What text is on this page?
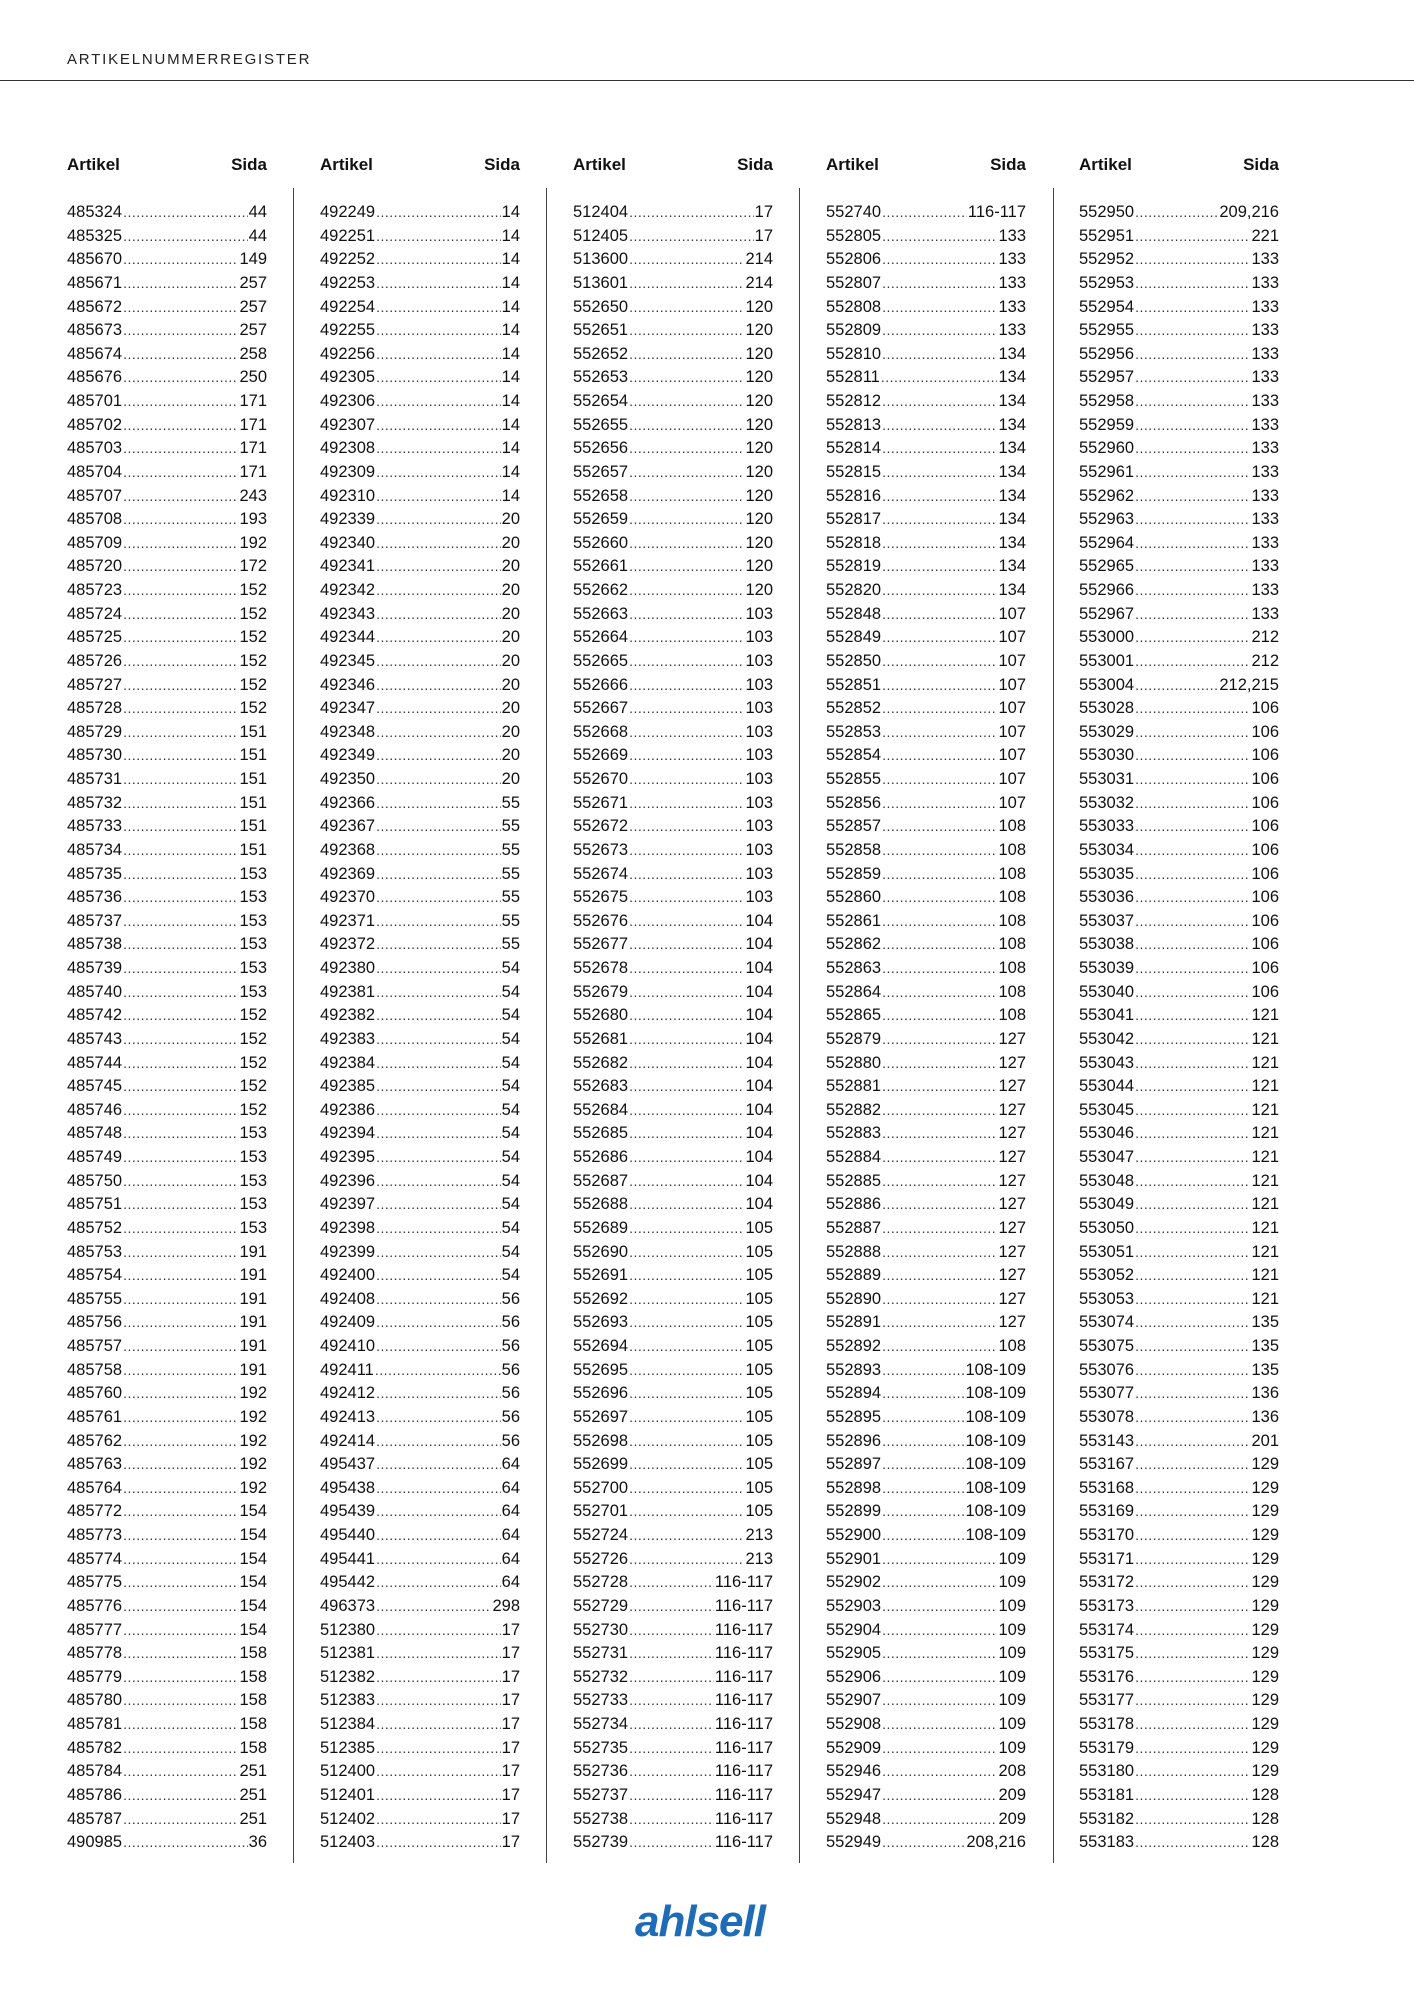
ARTIKELNUMMERREGISTER
Artikel	Sida
485324 .....	44
485325 .....	44
485670 .....	149
485671 .....	257
485672 .....	257
485673 .....	257
485674 .....	258
485676 .....	250
485701 .....	171
485702 .....	171
485703 .....	171
485704 .....	171
485707 .....	243
485708 .....	193
485709 .....	192
485720 .....	172
485723 .....	152
485724 .....	152
485725 .....	152
485726 .....	152
485727 .....	152
485728 .....	152
485729 .....	151
485730 .....	151
485731 .....	151
485732 .....	151
485733 .....	151
485734 .....	151
485735 .....	153
485736 .....	153
485737 .....	153
485738 .....	153
485739 .....	153
485740 .....	153
485742 .....	152
485743 .....	152
485744 .....	152
485745 .....	152
485746 .....	152
485748 .....	153
485749 .....	153
485750 .....	153
485751 .....	153
485752 .....	153
485753 .....	191
485754 .....	191
485755 .....	191
485756 .....	191
485757 .....	191
485758 .....	191
485760 .....	192
485761 .....	192
485762 .....	192
485763 .....	192
485764 .....	192
485772 .....	154
485773 .....	154
485774 .....	154
485775 .....	154
485776 .....	154
485777 .....	154
485778 .....	158
485779 .....	158
485780 .....	158
485781 .....	158
485782 .....	158
485784 .....	251
485786 .....	251
485787 .....	251
490985 .....	36
Artikel	Sida
492249 .....	14
492251 .....	14
492252 .....	14
492253 .....	14
492254 .....	14
492255 .....	14
492256 .....	14
492305 .....	14
492306 .....	14
492307 .....	14
492308 .....	14
492309 .....	14
492310 .....	14
492339 .....	20
492340 .....	20
492341 .....	20
492342 .....	20
492343 .....	20
492344 .....	20
492345 .....	20
492346 .....	20
492347 .....	20
492348 .....	20
492349 .....	20
492350 .....	20
492366 .....	55
492367 .....	55
492368 .....	55
492369 .....	55
492370 .....	55
492371 .....	55
492372 .....	55
492380 .....	54
492381 .....	54
492382 .....	54
492383 .....	54
492384 .....	54
492385 .....	54
492386 .....	54
492394 .....	54
492395 .....	54
492396 .....	54
492397 .....	54
492398 .....	54
492399 .....	54
492400 .....	54
492408 .....	56
492409 .....	56
492410 .....	56
492411 .....	56
492412 .....	56
492413 .....	56
492414 .....	56
495437 .....	64
495438 .....	64
495439 .....	64
495440 .....	64
495441 .....	64
495442 .....	64
496373 .....	298
512380 .....	17
512381 .....	17
512382 .....	17
512383 .....	17
512384 .....	17
512385 .....	17
512400 .....	17
512401 .....	17
512402 .....	17
512403 .....	17
Artikel	Sida
512404 .....	17
512405 .....	17
513600 .....	214
513601 .....	214
552650 .....	120
552651 .....	120
552652 .....	120
552653 .....	120
552654 .....	120
552655 .....	120
552656 .....	120
552657 .....	120
552658 .....	120
552659 .....	120
552660 .....	120
552661 .....	120
552662 .....	120
552663 .....	103
552664 .....	103
552665 .....	103
552666 .....	103
552667 .....	103
552668 .....	103
552669 .....	103
552670 .....	103
552671 .....	103
552672 .....	103
552673 .....	103
552674 .....	103
552675 .....	103
552676 .....	104
552677 .....	104
552678 .....	104
552679 .....	104
552680 .....	104
552681 .....	104
552682 .....	104
552683 .....	104
552684 .....	104
552685 .....	104
552686 .....	104
552687 .....	104
552688 .....	104
552689 .....	105
552690 .....	105
552691 .....	105
552692 .....	105
552693 .....	105
552694 .....	105
552695 .....	105
552696 .....	105
552697 .....	105
552698 .....	105
552699 .....	105
552700 .....	105
552701 .....	105
552724 .....	213
552726 .....	213
552728 .....	116-117
552729 .....	116-117
552730 .....	116-117
552731 .....	116-117
552732 .....	116-117
552733 .....	116-117
552734 .....	116-117
552735 .....	116-117
552736 .....	116-117
552737 .....	116-117
552738 .....	116-117
552739 .....	116-117
Artikel	Sida
552740 .....	116-117
552805 .....	133
552806 .....	133
552807 .....	133
552808 .....	133
552809 .....	133
552810 .....	134
552811 .....	134
552812 .....	134
552813 .....	134
552814 .....	134
552815 .....	134
552816 .....	134
552817 .....	134
552818 .....	134
552819 .....	134
552820 .....	134
552848 .....	107
552849 .....	107
552850 .....	107
552851 .....	107
552852 .....	107
552853 .....	107
552854 .....	107
552855 .....	107
552856 .....	107
552857 .....	108
552858 .....	108
552859 .....	108
552860 .....	108
552861 .....	108
552862 .....	108
552863 .....	108
552864 .....	108
552865 .....	108
552879 .....	127
552880 .....	127
552881 .....	127
552882 .....	127
552883 .....	127
552884 .....	127
552885 .....	127
552886 .....	127
552887 .....	127
552888 .....	127
552889 .....	127
552890 .....	127
552891 .....	127
552892 .....	108
552893 .....	108-109
552894 .....	108-109
552895 .....	108-109
552896 .....	108-109
552897 .....	108-109
552898 .....	108-109
552899 .....	108-109
552900 .....	108-109
552901 .....	109
552902 .....	109
552903 .....	109
552904 .....	109
552905 .....	109
552906 .....	109
552907 .....	109
552908 .....	109
552909 .....	109
552946 .....	208
552947 .....	209
552948 .....	209
552949 .....	208,216
Artikel	Sida
552950 .....	209,216
552951 .....	221
552952 .....	133
552953 .....	133
552954 .....	133
552955 .....	133
552956 .....	133
552957 .....	133
552958 .....	133
552959 .....	133
552960 .....	133
552961 .....	133
552962 .....	133
552963 .....	133
552964 .....	133
552965 .....	133
552966 .....	133
552967 .....	133
553000 .....	212
553001 .....	212
553004 .....	212,215
553028 .....	106
553029 .....	106
553030 .....	106
553031 .....	106
553032 .....	106
553033 .....	106
553034 .....	106
553035 .....	106
553036 .....	106
553037 .....	106
553038 .....	106
553039 .....	106
553040 .....	106
553041 .....	121
553042 .....	121
553043 .....	121
553044 .....	121
553045 .....	121
553046 .....	121
553047 .....	121
553048 .....	121
553049 .....	121
553050 .....	121
553051 .....	121
553052 .....	121
553053 .....	121
553074 .....	135
553075 .....	135
553076 .....	135
553077 .....	136
553078 .....	136
553143 .....	201
553167 .....	129
553168 .....	129
553169 .....	129
553170 .....	129
553171 .....	129
553172 .....	129
553173 .....	129
553174 .....	129
553175 .....	129
553176 .....	129
553177 .....	129
553178 .....	129
553179 .....	129
553180 .....	129
553181 .....	128
553182 .....	128
553183 .....	128
ahlsell
